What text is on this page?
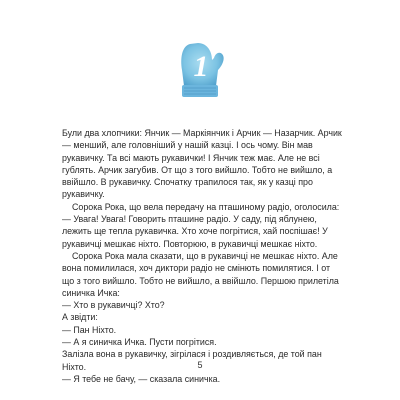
1

Були два хлопчики: Янчик — Маркіянчик і Арчик — Назарчик. Арчик — менший, але головніший у нашій казці. І ось чому. Він мав рукавичку. Та всі мають рукавички! І Янчик теж має. Але не всі гублять. Арчик загубив. От що з того вийшло. Тобто не вийшло, а ввійшло. В рукавичку. Спочатку трапилося так, як у казці про рукавичку.

Сорока Рока, що вела передачу на пташиному радіо, оголосила:

— Увага! Увага! Говорить пташине радіо. У саду, під яблунею, лежить ще тепла рукавичка. Хто хоче погрітися, хай поспішає! У рукавичці мешкає ніхто. Повторюю, в рукавичці мешкає ніхто.

Сорока Рока мала сказати, що в рукавичці не мешкає ніхто. Але вона помилилася, хоч диктори радіо не смінють помилятися. І от що з того вийшло. Тобто не вийшло, а ввійшло. Першою прилетіла синичка Ичка:

— Хто в рукавичці? Хто?

А звідти:

— Пан Ніхто.

— А я синичка Ичка. Пусти погрітися.

Залізла вона в рукавичку, зігрілася і роздивляється, де той пан Ніхто.

— Я тебе не бачу, — сказала синичка.

5
